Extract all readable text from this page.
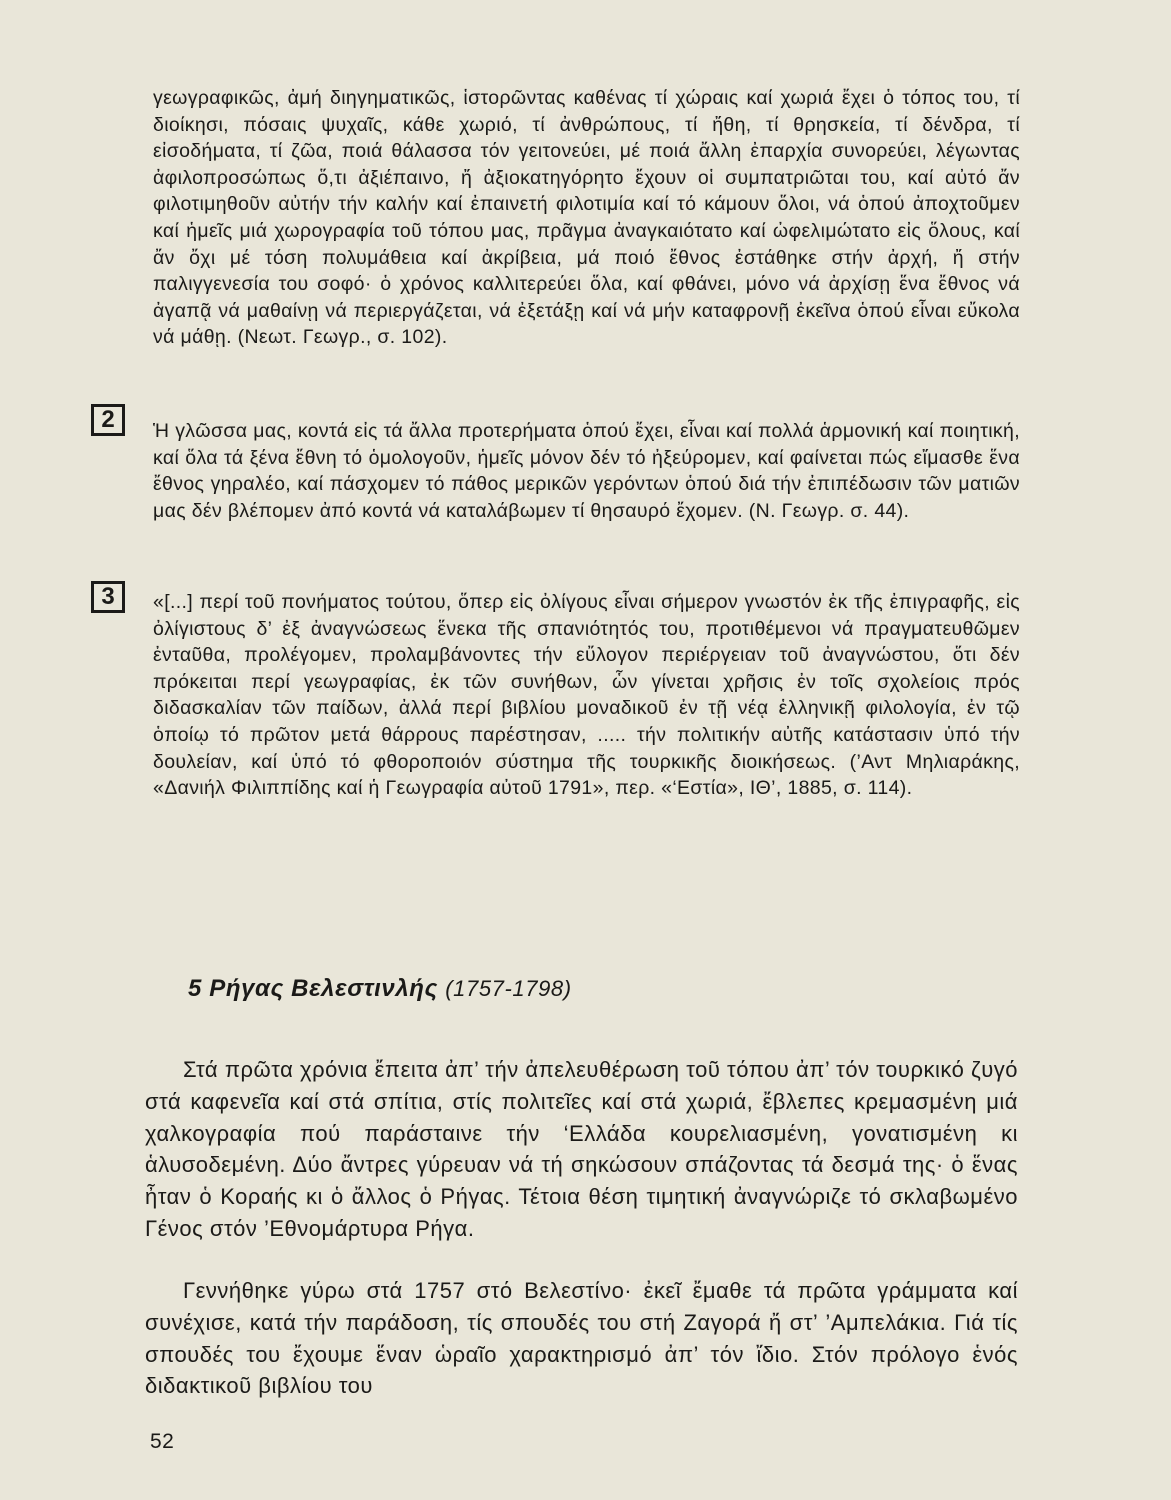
γεωγραφικῶς, ἀμή διηγηματικῶς, ἱστορῶντας καθένας τί χώραις καί χωριά ἔχει ὁ τόπος του, τί διοίκησι, πόσαις ψυχαῖς, κάθε χωριό, τί ἀνθρώπους, τί ἤθη, τί θρησκεία, τί δένδρα, τί εἰσοδήματα, τί ζῶα, ποιά θάλασσα τόν γειτονεύει, μέ ποιά ἄλλη ἐπαρχία συνορεύει, λέγωντας ἀφιλοπροσώπως ὅ,τι ἀξιέπαινο, ἤ ἀξιοκατηγόρητο ἔχουν οἱ συμπατριῶται του, καί αὐτό ἄν φιλοτιμηθοῦν αὐτήν τήν καλήν καί ἐπαινετή φιλοτιμία καί τό κάμουν ὅλοι, νά ὁπού ἀποχτοῦμεν καί ἡμεῖς μιά χωρογραφία τοῦ τόπου μας, πρᾶγμα ἀναγκαιότατο καί ὠφελιμώτατο εἰς ὅλους, καί ἄν ὄχι μέ τόση πολυμάθεια καί ἀκρίβεια, μά ποιό ἔθνος ἐστάθηκε στήν ἀρχή, ἤ στήν παλιγγενεσία του σοφό· ὁ χρόνος καλλιτερεύει ὅλα, καί φθάνει, μόνο νά ἀρχίσῃ ἕνα ἔθνος νά ἀγαπᾷ νά μαθαίνῃ νά περιεργάζεται, νά ἐξετάξῃ καί νά μήν καταφρονῇ ἐκεῖνα ὁπού εἶναι εὔκολα νά μάθῃ. (Νεωτ. Γεωγρ., σ. 102).

2	Ἡ γλῶσσα μας, κοντά εἰς τά ἄλλα προτερήματα ὁπού ἔχει, εἶναι καί πολλά ἁρμονική καί ποιητική, καί ὅλα τά ξένα ἔθνη τό ὁμολογοῦν, ἡμεῖς μόνον δέν τό ἠξεύρομεν, καί φαίνεται πώς εἴμασθε ἕνα ἔθνος γηραλέο, καί πάσχομεν τό πάθος μερικῶν γερόντων ὁπού διά τήν ἐπιπέδωσιν τῶν ματιῶν μας δέν βλέπομεν ἀπό κοντά νά καταλάβωμεν τί θησαυρό ἔχομεν. (Ν. Γεωγρ. σ. 44).

3	«[...] περί τοῦ πονήματος τούτου, ὅπερ εἰς ὀλίγους εἶναι σήμερον γνωστόν ἐκ τῆς ἐπιγραφῆς, εἰς ὀλίγιστους δ’ ἐξ ἀναγνώσεως ἕνεκα τῆς σπανιότητός του, προτιθέμενοι νά πραγματευθῶμεν ἐνταῦθα, προλέγομεν, προλαμβάνοντες τήν εὔλογον περιέργειαν τοῦ ἀναγνώστου, ὅτι δέν πρόκειται περί γεωγραφίας, ἐκ τῶν συνήθων, ὧν γίνεται χρῆσις ἐν τοῖς σχολείοις πρός διδασκαλίαν τῶν παίδων, ἀλλά περί βιβλίου μοναδικοῦ ἐν τῇ νέᾳ ἑλληνικῇ φιλολογία, ἐν τῷ ὁποίῳ τό πρῶτον μετά θάρρους παρέστησαν, ..... τήν πολιτικήν αὐτῆς κατάστασιν ὑπό τήν δουλείαν, καί ὑπό τό φθοροποιόν σύστημα τῆς τουρκικῆς διοικήσεως. (’Αντ Μηλιαράκης, «Δανιήλ Φιλιππίδης καί ἡ Γεωγραφία αὐτοῦ 1791», περ. «‘Εστία», ΙΘ’, 1885, σ. 114).

5 Ρήγας Βελεστινλής (1757-1798)

Στά πρῶτα χρόνια ἔπειτα ἀπ’ τήν ἀπελευθέρωση τοῦ τόπου ἀπ’ τόν τουρκικό ζυγό στά καφενεῖα καί στά σπίτια, στίς πολιτεῖες καί στά χωριά, ἔβλεπες κρεμασμένη μιά χαλκογραφία πού παράσταινε τήν ‘Ελλάδα κουρελιασμένη, γονατισμένη κι ἁλυσοδεμένη. Δύο ἄντρες γύρευαν νά τή σηκώσουν σπάζοντας τά δεσμά της· ὁ ἕνας ἦταν ὁ Κοραής κι ὁ ἄλλος ὁ Ρήγας. Τέτοια θέση τιμητική ἀναγνώριζε τό σκλαβωμένο Γένος στόν ’Εθνομάρτυρα Ρήγα.

Γεννήθηκε γύρω στά 1757 στό Βελεστίνο· ἐκεῖ ἔμαθε τά πρῶτα γράμματα καί συνέχισε, κατά τήν παράδοση, τίς σπουδές του στή Ζαγορά ἤ στ’ ’Αμπελάκια. Γιά τίς σπουδές του ἔχουμε ἕναν ὡραῖο χαρακτηρισμό ἀπ’ τόν ἴδιο. Στόν πρόλογο ἑνός διδακτικοῦ βιβλίου του

52
